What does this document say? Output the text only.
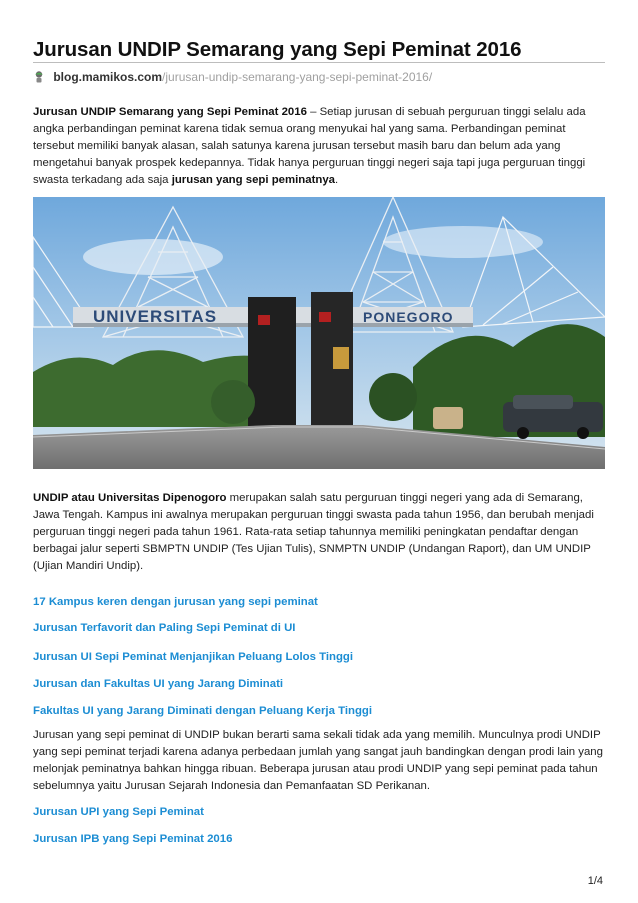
Jurusan UNDIP Semarang yang Sepi Peminat 2016
blog.mamikos.com/jurusan-undip-semarang-yang-sepi-peminat-2016/

Jurusan UNDIP Semarang yang Sepi Peminat 2016 – Setiap jurusan di sebuah perguruan tinggi selalu ada angka perbandingan peminat karena tidak semua orang menyukai hal yang sama. Perbandingan peminat tersebut memiliki banyak alasan, salah satunya karena jurusan tersebut masih baru dan belum ada yang mengetahui banyak prospek kedepannya. Tidak hanya perguruan tinggi negeri saja tapi juga perguruan tinggi swasta terkadang ada saja jurusan yang sepi peminatnya.

UNIVERSITAS	PONEGORO

UNDIP atau Universitas Dipenogoro merupakan salah satu perguruan tinggi negeri yang ada di Semarang, Jawa Tengah. Kampus ini awalnya merupakan perguruan tinggi swasta pada tahun 1956, dan berubah menjadi perguruan tinggi negeri pada tahun 1961. Rata-rata setiap tahunnya memiliki peningkatan pendaftar dengan berbagai jalur seperti SBMPTN UNDIP (Tes Ujian Tulis), SNMPTN UNDIP (Undangan Raport), dan UM UNDIP (Ujian Mandiri Undip).

17 Kampus keren dengan jurusan yang sepi peminat
Jurusan Terfavorit dan Paling Sepi Peminat di UI
Jurusan UI Sepi Peminat Menjanjikan Peluang Lolos Tinggi
Jurusan dan Fakultas UI yang Jarang Diminati
Fakultas UI yang Jarang Diminati dengan Peluang Kerja Tinggi

Jurusan yang sepi peminat di UNDIP bukan berarti sama sekali tidak ada yang memilih. Munculnya prodi UNDIP yang sepi peminat terjadi karena adanya perbedaan jumlah yang sangat jauh bandingkan dengan prodi lain yang melonjak peminatnya bahkan hingga ribuan. Beberapa jurusan atau prodi UNDIP yang sepi peminat pada tahun sebelumnya yaitu Jurusan Sejarah Indonesia dan Pemanfaatan SD Perikanan.

Jurusan UPI yang Sepi Peminat
Jurusan IPB yang Sepi Peminat 2016
1/4
